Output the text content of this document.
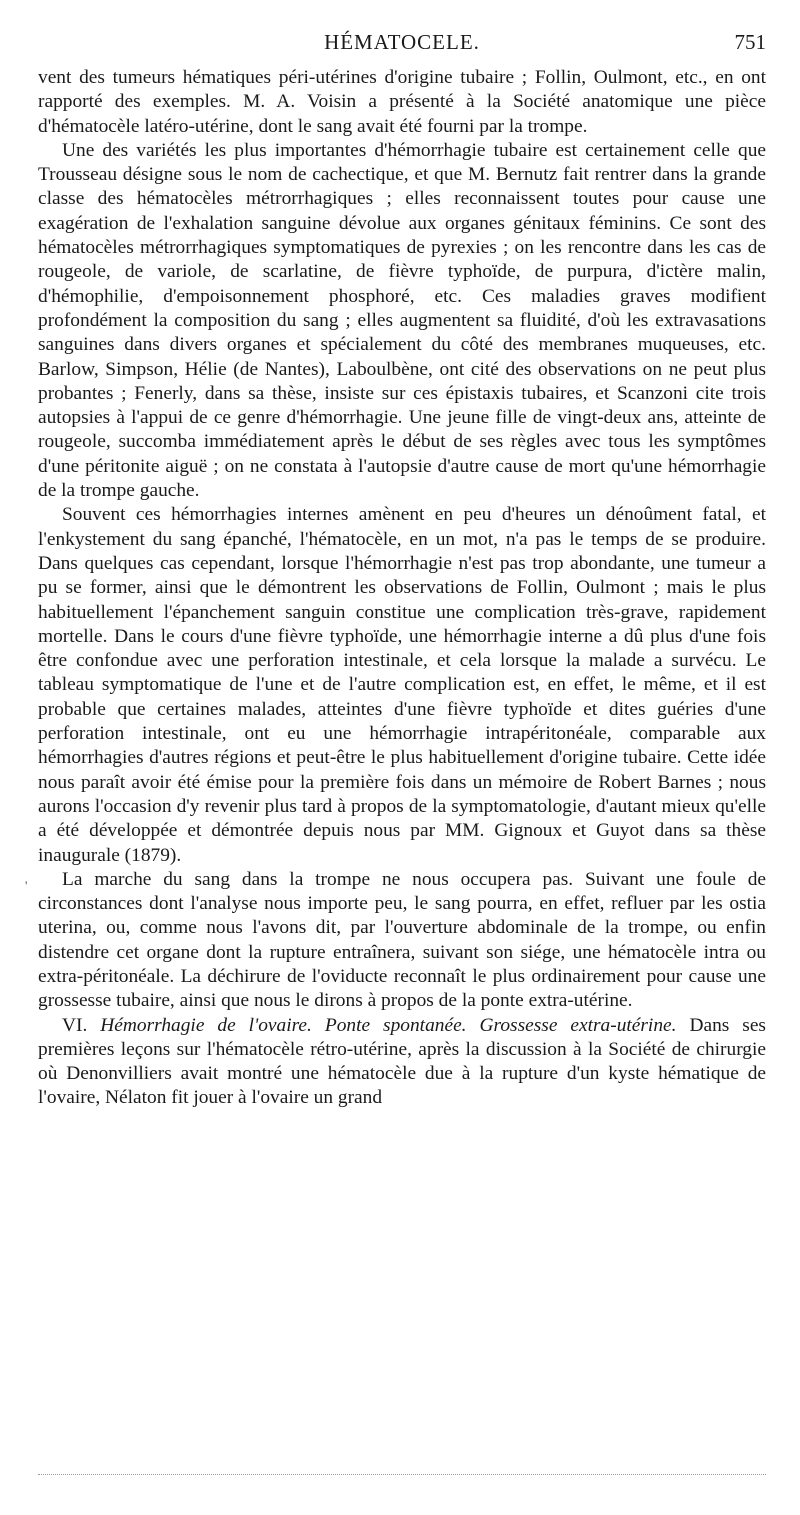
HÉMATOCELE.	751

vent des tumeurs hématiques péri-utérines d'origine tubaire ; Follin, Oulmont, etc., en ont rapporté des exemples. M. A. Voisin a présenté à la Société anatomique une pièce d'hématocèle latéro-utérine, dont le sang avait été fourni par la trompe.

Une des variétés les plus importantes d'hémorrhagie tubaire est certainement celle que Trousseau désigne sous le nom de cachectique, et que M. Bernutz fait rentrer dans la grande classe des hématocèles métrorrhagiques ; elles reconnaissent toutes pour cause une exagération de l'exhalation sanguine dévolue aux organes génitaux féminins. Ce sont des hématocèles métrorrhagiques symptomatiques de pyrexies ; on les rencontre dans les cas de rougeole, de variole, de scarlatine, de fièvre typhoïde, de purpura, d'ictère malin, d'hémophilie, d'empoisonnement phosphoré, etc. Ces maladies graves modifient profondément la composition du sang ; elles augmentent sa fluidité, d'où les extravasations sanguines dans divers organes et spécialement du côté des membranes muqueuses, etc. Barlow, Simpson, Hélie (de Nantes), Laboulbène, ont cité des observations on ne peut plus probantes ; Fenerly, dans sa thèse, insiste sur ces épistaxis tubaires, et Scanzoni cite trois autopsies à l'appui de ce genre d'hémorrhagie. Une jeune fille de vingt-deux ans, atteinte de rougeole, succomba immédiatement après le début de ses règles avec tous les symptômes d'une péritonite aiguë ; on ne constata à l'autopsie d'autre cause de mort qu'une hémorrhagie de la trompe gauche.

Souvent ces hémorrhagies internes amènent en peu d'heures un dénoûment fatal, et l'enkystement du sang épanché, l'hématocèle, en un mot, n'a pas le temps de se produire. Dans quelques cas cependant, lorsque l'hémorrhagie n'est pas trop abondante, une tumeur a pu se former, ainsi que le démontrent les observations de Follin, Oulmont ; mais le plus habituellement l'épanchement sanguin constitue une complication très-grave, rapidement mortelle. Dans le cours d'une fièvre typhoïde, une hémorrhagie interne a dû plus d'une fois être confondue avec une perforation intestinale, et cela lorsque la malade a survécu. Le tableau symptomatique de l'une et de l'autre complication est, en effet, le même, et il est probable que certaines malades, atteintes d'une fièvre typhoïde et dites guéries d'une perforation intestinale, ont eu une hémorrhagie intrapéritonéale, comparable aux hémorrhagies d'autres régions et peut-être le plus habituellement d'origine tubaire. Cette idée nous paraît avoir été émise pour la première fois dans un mémoire de Robert Barnes ; nous aurons l'occasion d'y revenir plus tard à propos de la symptomatologie, d'autant mieux qu'elle a été développée et démontrée depuis nous par MM. Gignoux et Guyot dans sa thèse inaugurale (1879).

La marche du sang dans la trompe ne nous occupera pas. Suivant une foule de circonstances dont l'analyse nous importe peu, le sang pourra, en effet, refluer par les ostia uterina, ou, comme nous l'avons dit, par l'ouverture abdominale de la trompe, ou enfin distendre cet organe dont la rupture entraînera, suivant son siége, une hématocèle intra ou extra-péritonéale. La déchirure de l'oviducte reconnaît le plus ordinairement pour cause une grossesse tubaire, ainsi que nous le dirons à propos de la ponte extra-utérine.

VI. Hémorrhagie de l'ovaire. Ponte spontanée. Grossesse extra-utérine. Dans ses premières leçons sur l'hématocèle rétro-utérine, après la discussion à la Société de chirurgie où Denonvilliers avait montré une hématocèle due à la rupture d'un kyste hématique de l'ovaire, Nélaton fit jouer à l'ovaire un grand

'
